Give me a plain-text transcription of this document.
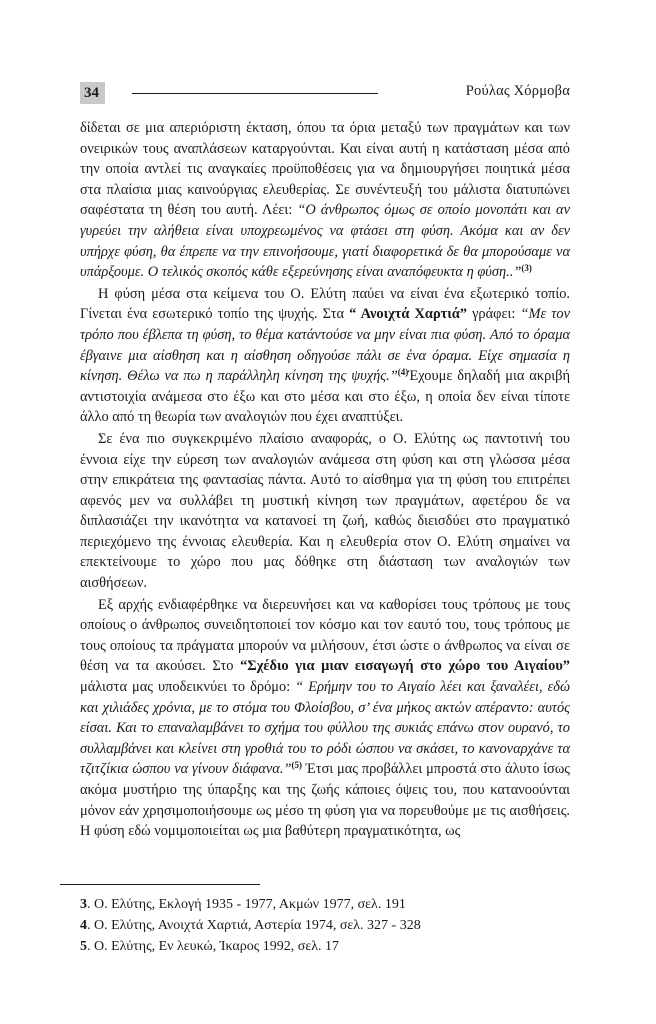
34	Ρούλας Χόρμοβα

δίδεται σε μια απεριόριστη έκταση, όπου τα όρια μεταξύ των πραγμάτων και των ονειρικών τους αναπλάσεων καταργούνται. Και είναι αυτή η κατάσταση μέσα από την οποία αντλεί τις αναγκαίες προϋποθέσεις για να δημιουργήσει ποιητικά μέσα στα πλαίσια μιας καινούργιας ελευθερίας. Σε συνέντευξή του μάλιστα διατυπώνει σαφέστατα τη θέση του αυτή. Λέει: “Ο άνθρωπος όμως σε οποίο μονοπάτι και αν γυρεύει την αλήθεια είναι υποχρεωμένος να φτάσει στη φύση. Ακόμα και αν δεν υπήρχε φύση, θα έπρεπε να την επινοήσουμε, γιατί διαφορετικά δε θα μπορούσαμε να υπάρξουμε. Ο τελικός σκοπός κάθε εξερεύνησης είναι αναπόφευκτα η φύση..”$^{(3)}$

Η φύση μέσα στα κείμενα του Ο. Ελύτη παύει να είναι ένα εξωτερικό τοπίο. Γίνεται ένα εσωτερικό τοπίο της ψυχής. Στα “ Ανοιχτά Χαρτιά” γράφει: “Με τον τρόπο που έβλεπα τη φύση, το θέμα κατάντούσε να μην είναι πια φύση. Από το όραμα έβγαινε μια αίσθηση και η αίσθηση οδηγούσε πάλι σε ένα όραμα. Είχε σημασία η κίνηση. Θέλω να πω η παράλληλη κίνηση της ψυχής.”$^{(4)}$Έχουμε δηλαδή μια ακριβή αντιστοιχία ανάμεσα στο έξω και στο μέσα και στο έξω, η οποία δεν είναι τίποτε άλλο από τη θεωρία των αναλογιών που έχει αναπτύξει.

Σε ένα πιο συγκεκριμένο πλαίσιο αναφοράς, ο Ο. Ελύτης ως παντοτινή του έννοια είχε την εύρεση των αναλογιών ανάμεσα στη φύση και στη γλώσσα μέσα στην επικράτεια της φαντασίας πάντα. Αυτό το αίσθημα για τη φύση του επιτρέπει αφενός μεν να συλλάβει τη μυστική κίνηση των πραγμάτων, αφετέρου δε να διπλασιάζει την ικανότητα να κατανοεί τη ζωή, καθώς διεισδύει στο πραγματικό περιεχόμενο της έννοιας ελευθερία. Και η ελευθερία στον Ο. Ελύτη σημαίνει να επεκτείνουμε το χώρο που μας δόθηκε στη διάσταση των αναλογιών των αισθήσεων.

Εξ αρχής ενδιαφέρθηκε να διερευνήσει και να καθορίσει τους τρόπους με τους οποίους ο άνθρωπος συνειδητοποιεί τον κόσμο και τον εαυτό του, τους τρόπους με τους οποίους τα πράγματα μπορούν να μιλήσουν, έτσι ώστε ο άνθρωπος να είναι σε θέση να τα ακούσει. Στο “Σχέδιο για μιαν εισαγωγή στο χώρο του Αιγαίου” μάλιστα μας υποδεικνύει το δρόμο: “ Ερήμην του το Αιγαίο λέει και ξαναλέει, εδώ και χιλιάδες χρόνια, με το στόμα του Φλοίσβου, σ’ ένα μήκος ακτών απέραντο: αυτός είσαι. Και το επαναλαμβάνει το σχήμα του φύλλου της συκιάς επάνω στον ουρανό, το συλλαμβάνει και κλείνει στη γροθιά του το ρόδι ώσπου να σκάσει, το κανοναρχάνε τα τζιτζίκια ώσπου να γίνουν διάφανα.”$^{(5)}$ Έτσι μας προβάλλει μπροστά στο άλυτο ίσως ακόμα μυστήριο της ύπαρξης και της ζωής κάποιες όψεις του, που κατανοούνται μόνον εάν χρησιμοποιήσουμε ως μέσο τη φύση για να πορευθούμε με τις αισθήσεις. Η φύση εδώ νομιμοποιείται ως μια βαθύτερη πραγματικότητα, ως

3. Ο. Ελύτης, Εκλογή 1935 - 1977, Ακμών 1977, σελ. 191
4. Ο. Ελύτης, Ανοιχτά Χαρτιά, Αστερία 1974, σελ. 327 - 328
5. Ο. Ελύτης, Εν λευκώ, Ίκαρος 1992, σελ. 17
